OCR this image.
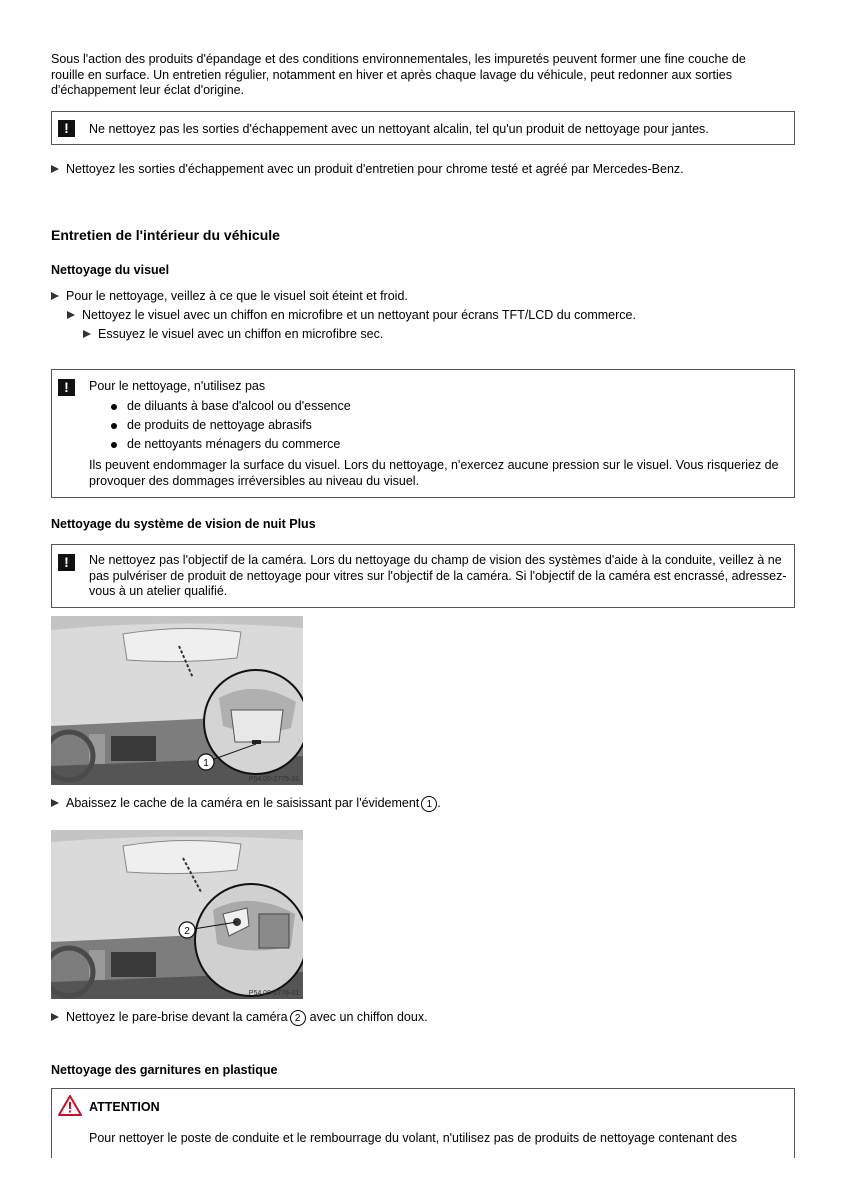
Sous l'action des produits d'épandage et des conditions environnementales, les impuretés peuvent former une fine couche de rouille en surface. Un entretien régulier, notamment en hiver et après chaque lavage du véhicule, peut redonner aux sorties d'échappement leur éclat d'origine.
!	Ne nettoyez pas les sorties d'échappement avec un nettoyant alcalin, tel qu'un produit de nettoyage pour jantes.
Nettoyez les sorties d'échappement avec un produit d'entretien pour chrome testé et agréé par Mercedes-Benz.
Entretien de l'intérieur du véhicule
Nettoyage du visuel
Pour le nettoyage, veillez à ce que le visuel soit éteint et froid.
Nettoyez le visuel avec un chiffon en microfibre et un nettoyant pour écrans TFT/LCD du commerce.
Essuyez le visuel avec un chiffon en microfibre sec.
!	Pour le nettoyage, n'utilisez pas
de diluants à base d'alcool ou d'essence
de produits de nettoyage abrasifs
de nettoyants ménagers du commerce
Ils peuvent endommager la surface du visuel. Lors du nettoyage, n'exercez aucune pression sur le visuel. Vous risqueriez de provoquer des dommages irréversibles au niveau du visuel.
Nettoyage du système de vision de nuit Plus
!	Ne nettoyez pas l'objectif de la caméra. Lors du nettoyage du champ de vision des systèmes d'aide à la conduite, veillez à ne pas pulvériser de produit de nettoyage pour vitres sur l'objectif de la caméra. Si l'objectif de la caméra est encrassé, adressez-vous à un atelier qualifié.
1
P54.00-2775-31
Abaissez le cache de la caméra en le saisissant par l'évidement 1 .
2
P54.00-2776-31
Nettoyez le pare-brise devant la caméra 2 avec un chiffon doux.
Nettoyage des garnitures en plastique
ATTENTION
Pour nettoyer le poste de conduite et le rembourrage du volant, n'utilisez pas de produits de nettoyage contenant des
